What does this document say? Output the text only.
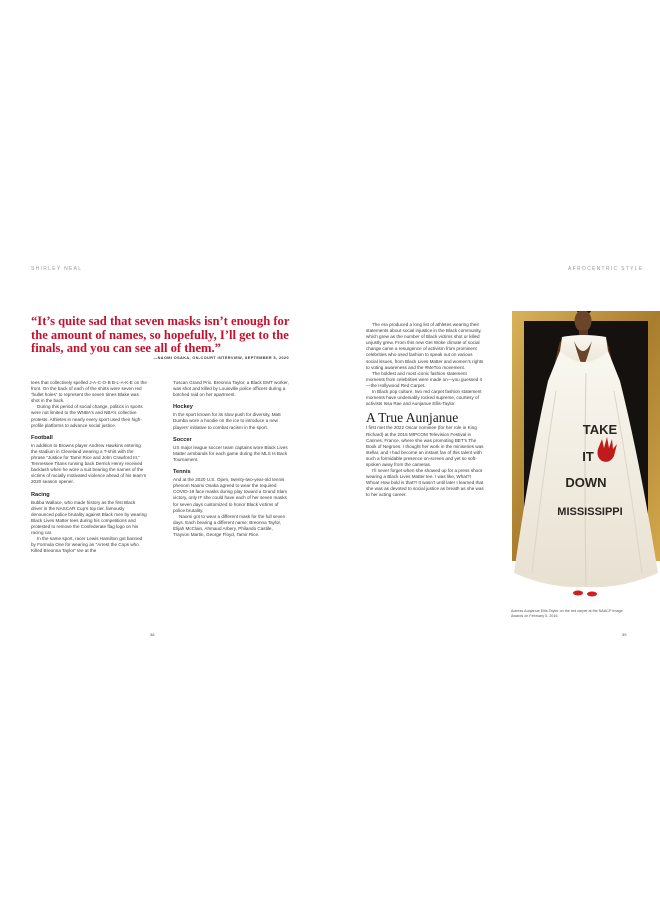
SHIRLEY NEAL	AFROCENTRIC STYLE
“It’s quite sad that seven masks isn’t enough for the amount of names, so hopefully, I’ll get to the finals, and you can see all of them.”
—NAOMI OSAKA, ON-COURT INTERVIEW, SEPTEMBER 5, 2020

tees that collectively spelled J-A-C-O-B B-L-A-K-E on the front. On the back of each of the shirts were seven red “bullet holes” to represent the seven times Blake was shot in the back.

During this period of social change, politics in sports were not limited to the WNBA’s and NBA’s collective protests. Athletes in nearly every sport used their high-profile platforms to advance social justice.

Football

In addition to Browns player Andrew Hawkins entering the stadium in Cleveland wearing a T-shirt with the phrase “Justice for Tamir Rice and John Crawford III,” Tennessee Titans running back Derrick Henry received backlash when he wore a suit bearing the names of the victims of racially motivated violence ahead of his team’s 2020 season opener.

Racing

Bubba Wallace, who made history as the first Black driver in the NASCAR Cup’s top tier, famously denounced police brutality against Black men by wearing Black Lives Matter tees during his competitions and protested to remove the Confederate flag logo on his racing car.

In the same sport, racer Lewis Hamilton got banned by Formula One for wearing an “Arrest the Cops who Killed Breonna Taylor” tee at the

Tuscan Grand Prix. Breonna Taylor, a Black EMT worker, was shot and killed by Louisville police officers during a botched raid on her apartment.

Hockey

In the sport known for its slow push for diversity, Matt Dumba wore a hoodie on the ice to introduce a new players’ initiative to combat racism in the sport.

Soccer

US major league soccer team captains wore Black Lives Matter armbands for each game during the MLS Is Back Tournament.

Tennis

And at the 2020 U.S. Open, twenty-two-year-old tennis phenom Naomi Osaka agreed to wear the required COVID-19 face masks during play toward a Grand Slam victory, only IF she could have each of her seven masks for seven days customized to honor Black victims of police brutality.

Naomi got to wear a different mask for the full seven days. Each bearing a different name: Breonna Taylor, Elijah McClain, Ahmaud Arbery, Philando Castile, Trayvon Martin, George Floyd, Tamir Rice.

38

The era produced a long list of athletes wearing their statements about social injustice in the Black community, which grew as the number of Black victims shot or killed unjustly grew. From this new Get Woke climate of social change came a resurgence of activism from prominent celebrities who used fashion to speak out on various social issues, from Black Lives Matter and women’s rights to voting awareness and the #MeToo movement.

The boldest and most iconic fashion statement moments from celebrities were made on—you guessed it—the Hollywood Red Carpet.

In Black pop culture, two red carpet fashion statement moments have undeniably rocked supreme, courtesy of activists Issa Rae and Aunjanue Ellis-Taylor.

A True Aunjanue

I first met the 2022 Oscar nominee (for her role in King Richard) at the 2015 MIPCOM Television Festival in Cannes, France, where she was promoting BET’s The Book of Negroes. I thought her work in the miniseries was stellar, and I had become an instant fan of this talent with such a formidable presence on-screen and yet so soft-spoken away from the cameras.

I’ll never forget when she showed up for a press shoot wearing a Black Lives Matter tee. I was like, What?! Whoa! How bold is that?! It wasn’t until later I learned that she was as devoted to social justice as breath as she was to her acting career.

TAKE
IT
DOWN
MISSISSIPPI
Actress Aunjanue Ellis-Taylor on the red carpet at the NAACP Image Awards on February 5, 2016.
39
